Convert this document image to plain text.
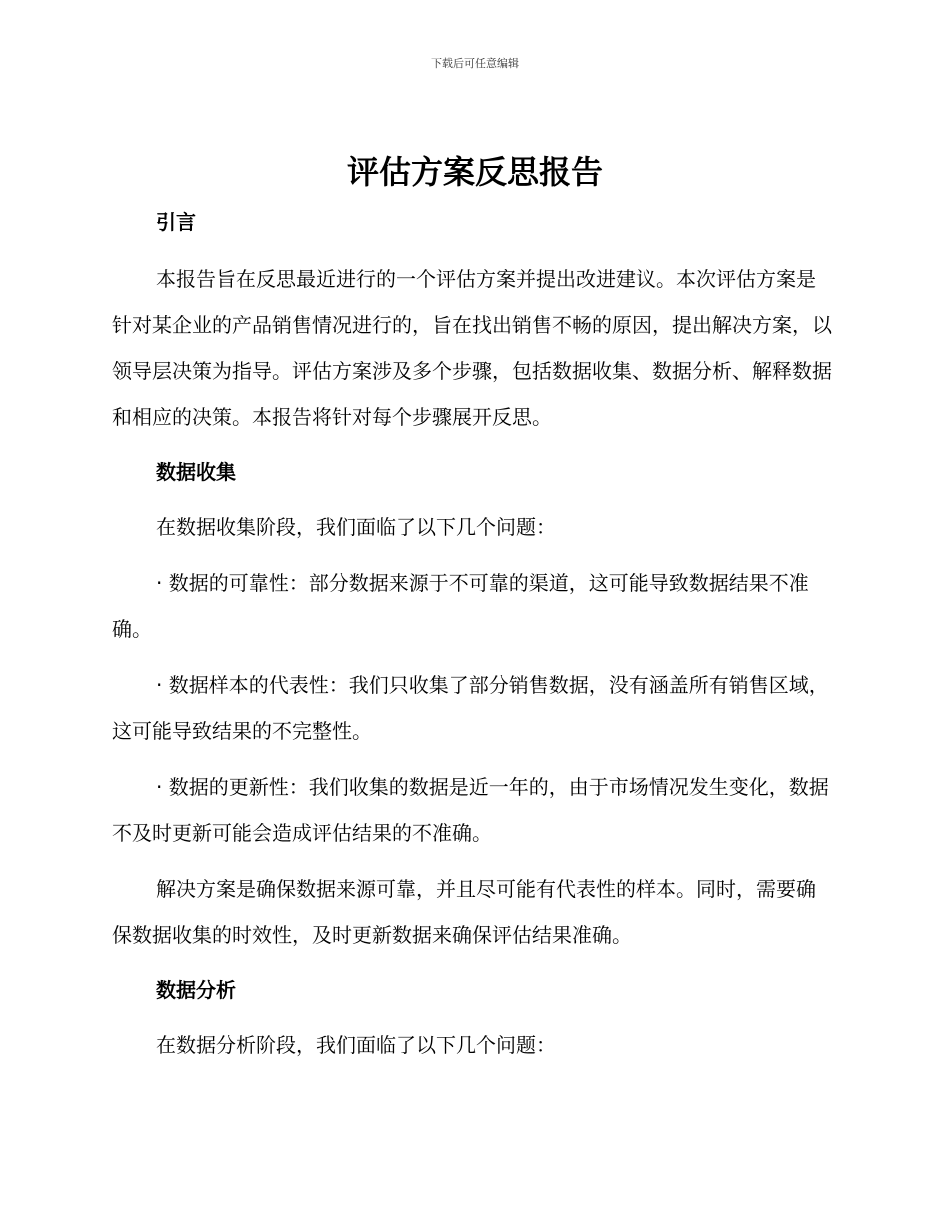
下载后可任意编辑
评估方案反思报告

引言

本报告旨在反思最近进行的一个评估方案并提出改进建议。本次评估方案是针对某企业的产品销售情况进行的，旨在找出销售不畅的原因，提出解决方案，以领导层决策为指导。评估方案涉及多个步骤，包括数据收集、数据分析、解释数据和相应的决策。本报告将针对每个步骤展开反思。

数据收集

在数据收集阶段，我们面临了以下几个问题：

· 数据的可靠性：部分数据来源于不可靠的渠道，这可能导致数据结果不准确。

· 数据样本的代表性：我们只收集了部分销售数据，没有涵盖所有销售区域，这可能导致结果的不完整性。

· 数据的更新性：我们收集的数据是近一年的，由于市场情况发生变化，数据不及时更新可能会造成评估结果的不准确。

解决方案是确保数据来源可靠，并且尽可能有代表性的样本。同时，需要确保数据收集的时效性，及时更新数据来确保评估结果准确。

数据分析

在数据分析阶段，我们面临了以下几个问题：
